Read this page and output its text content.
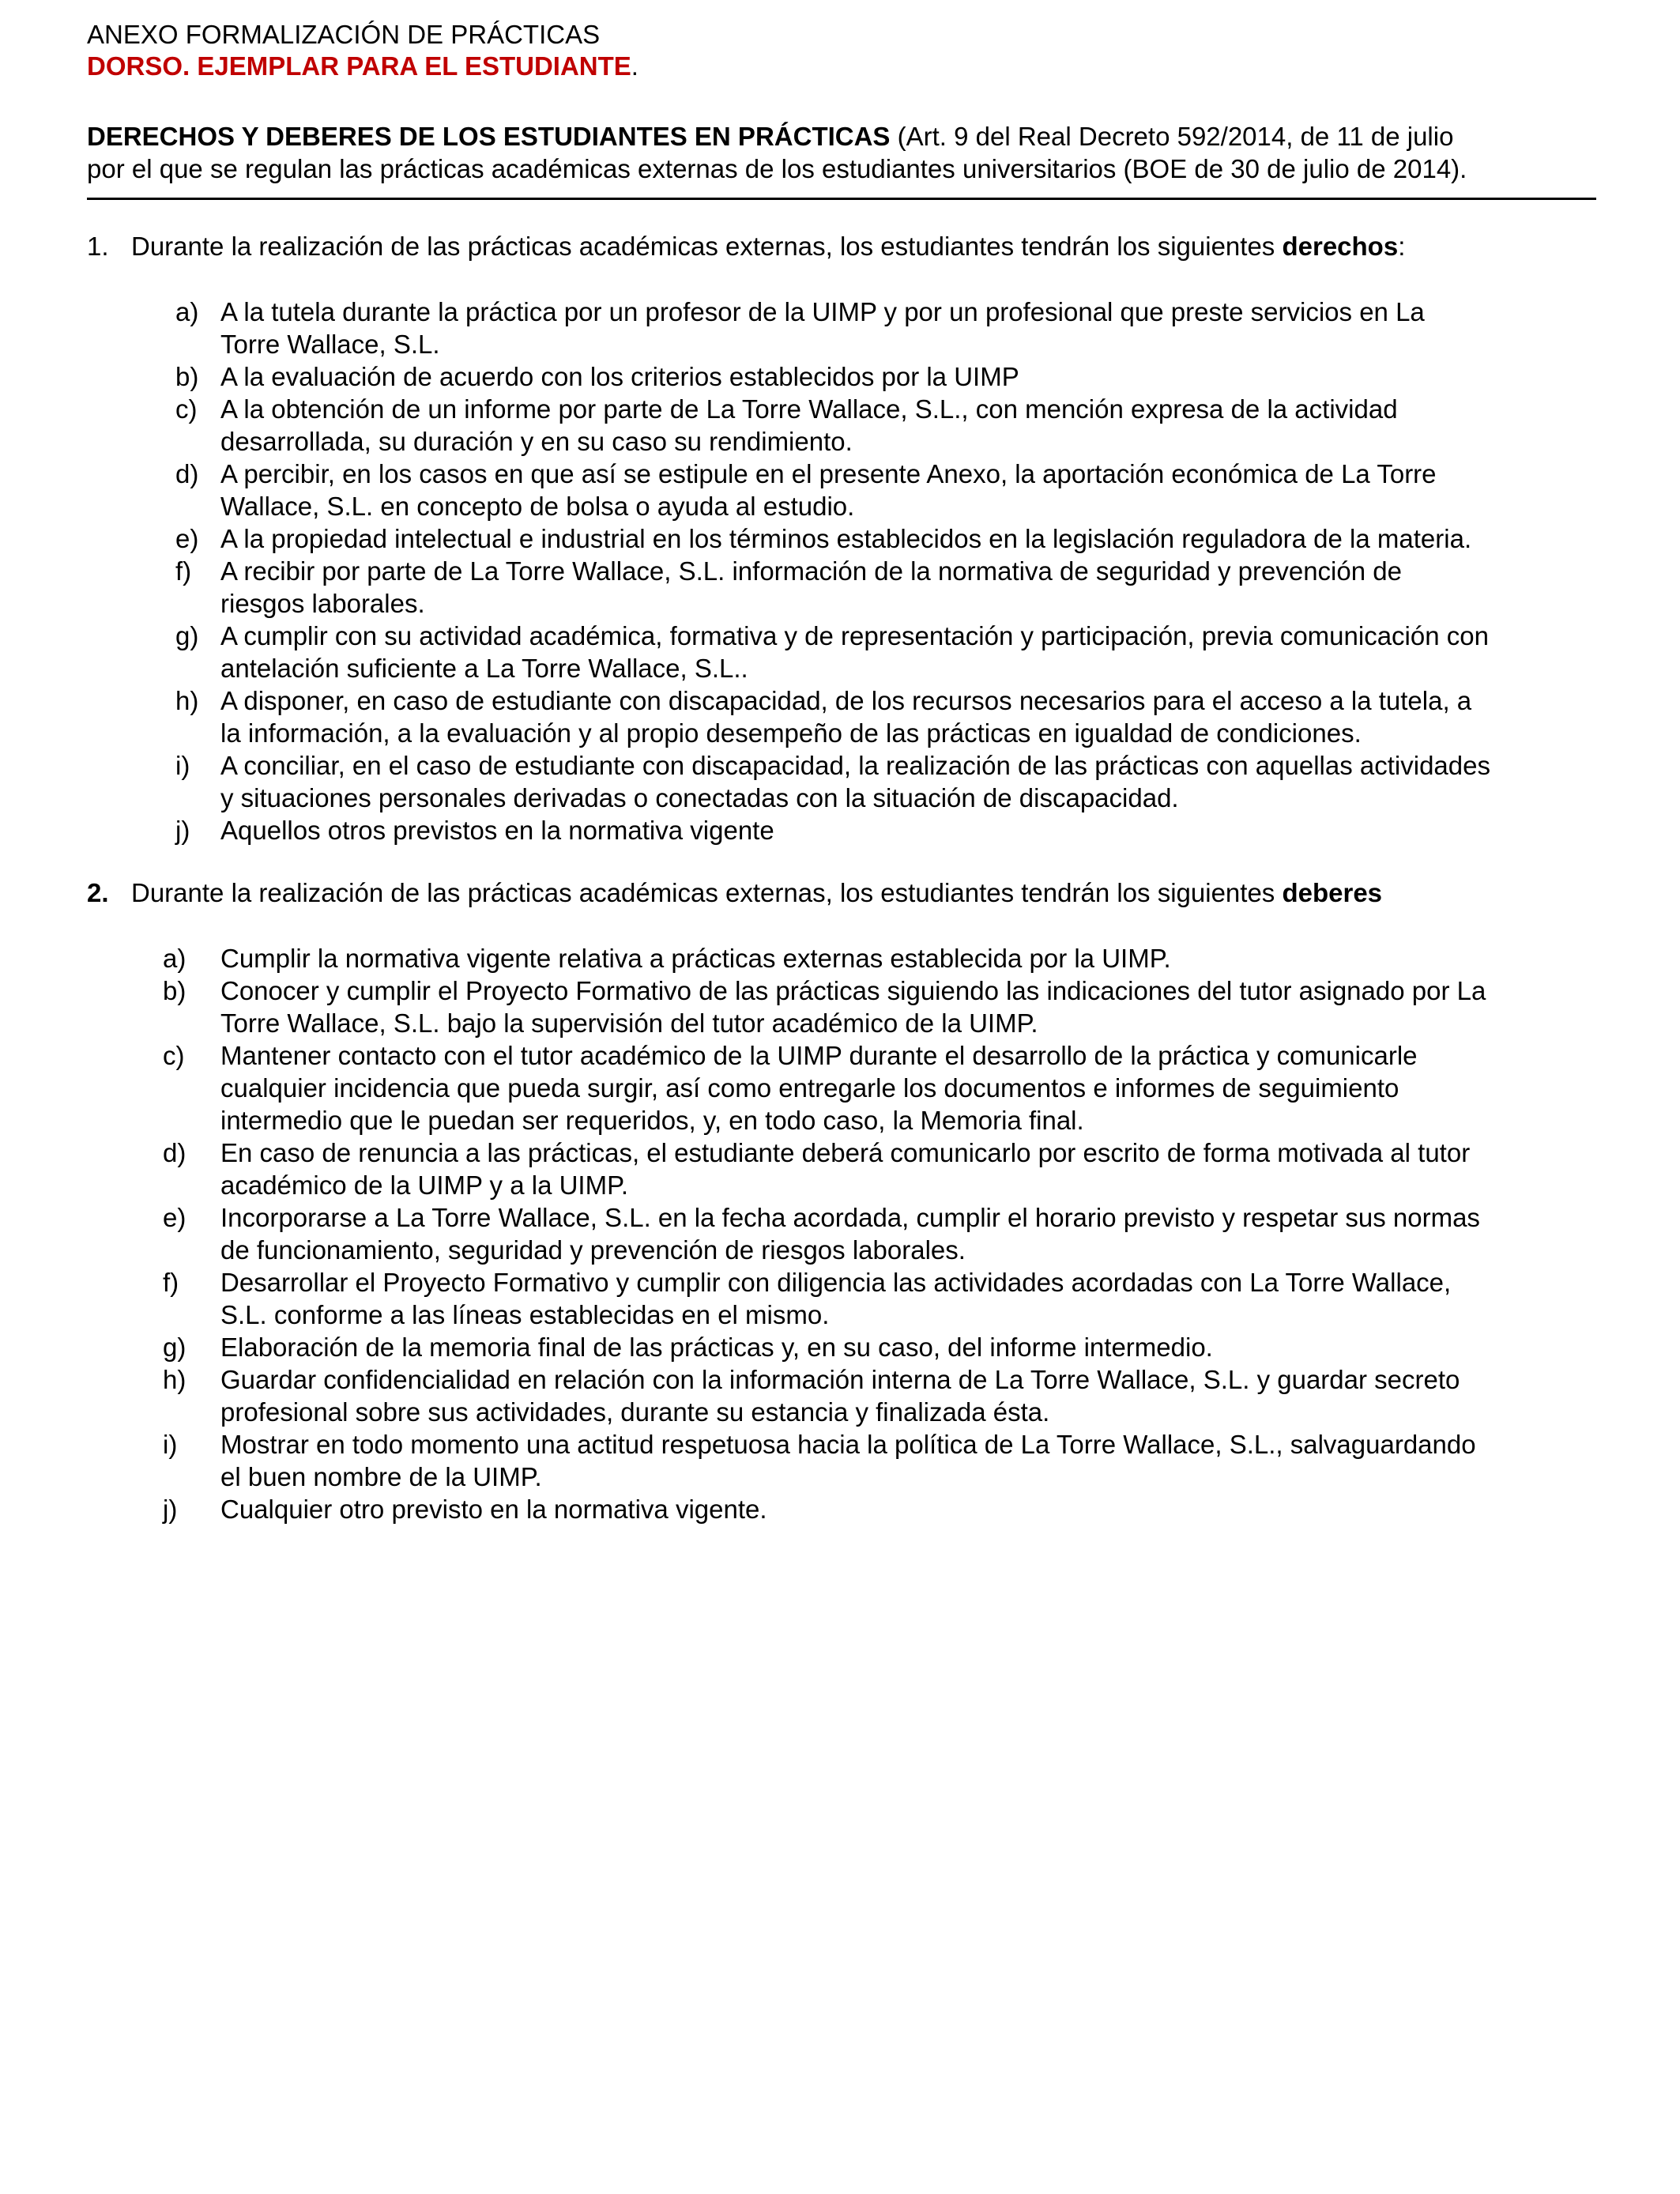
ANEXO FORMALIZACIÓN DE PRÁCTICAS
DORSO. EJEMPLAR PARA EL ESTUDIANTE.
DERECHOS Y DEBERES DE LOS ESTUDIANTES EN PRÁCTICAS (Art. 9 del Real Decreto 592/2014, de 11 de julio
por el que se regulan las prácticas académicas externas de los estudiantes universitarios (BOE de 30 de julio de 2014).
1. Durante la realización de las prácticas académicas externas, los estudiantes tendrán los siguientes derechos:
a) A la tutela durante la práctica por un profesor de la UIMP y por un profesional que preste servicios en La
Torre Wallace, S.L.
b) A la evaluación de acuerdo con los criterios establecidos por la UIMP
c) A la obtención de un informe por parte de La Torre Wallace, S.L., con mención expresa de la actividad
desarrollada, su duración y en su caso su rendimiento.
d) A percibir, en los casos en que así se estipule en el presente Anexo, la aportación económica de La Torre
Wallace, S.L. en concepto de bolsa o ayuda al estudio.
e) A la propiedad intelectual e industrial en los términos establecidos en la legislación reguladora de la materia.
f) A recibir por parte de La Torre Wallace, S.L. información de la normativa de seguridad y prevención de
riesgos laborales.
g) A cumplir con su actividad académica, formativa y de representación y participación, previa comunicación con
antelación suficiente a La Torre Wallace, S.L..
h) A disponer, en caso de estudiante con discapacidad, de los recursos necesarios para el acceso a la tutela, a
la información, a la evaluación y al propio desempeño de las prácticas en igualdad de condiciones.
i) A conciliar, en el caso de estudiante con discapacidad, la realización de las prácticas con aquellas actividades
y situaciones personales derivadas o conectadas con la situación de discapacidad.
j) Aquellos otros previstos en la normativa vigente
2. Durante la realización de las prácticas académicas externas, los estudiantes tendrán los siguientes deberes
a) Cumplir la normativa vigente relativa a prácticas externas establecida por la UIMP.
b) Conocer y cumplir el Proyecto Formativo de las prácticas siguiendo las indicaciones del tutor asignado por La
Torre Wallace, S.L. bajo la supervisión del tutor académico de la UIMP.
c) Mantener contacto con el tutor académico de la UIMP durante el desarrollo de la práctica y comunicarle
cualquier incidencia que pueda surgir, así como entregarle los documentos e informes de seguimiento
intermedio que le puedan ser requeridos, y, en todo caso, la Memoria final.
d) En caso de renuncia a las prácticas, el estudiante deberá comunicarlo por escrito de forma motivada al tutor
académico de la UIMP y a la UIMP.
e) Incorporarse a La Torre Wallace, S.L. en la fecha acordada, cumplir el horario previsto y respetar sus normas
de funcionamiento, seguridad y prevención de riesgos laborales.
f) Desarrollar el Proyecto Formativo y cumplir con diligencia las actividades acordadas con La Torre Wallace,
S.L. conforme a las líneas establecidas en el mismo.
g) Elaboración de la memoria final de las prácticas y, en su caso, del informe intermedio.
h) Guardar confidencialidad en relación con la información interna de La Torre Wallace, S.L. y guardar secreto
profesional sobre sus actividades, durante su estancia y finalizada ésta.
i) Mostrar en todo momento una actitud respetuosa hacia la política de La Torre Wallace, S.L., salvaguardando
el buen nombre de la UIMP.
j) Cualquier otro previsto en la normativa vigente.
